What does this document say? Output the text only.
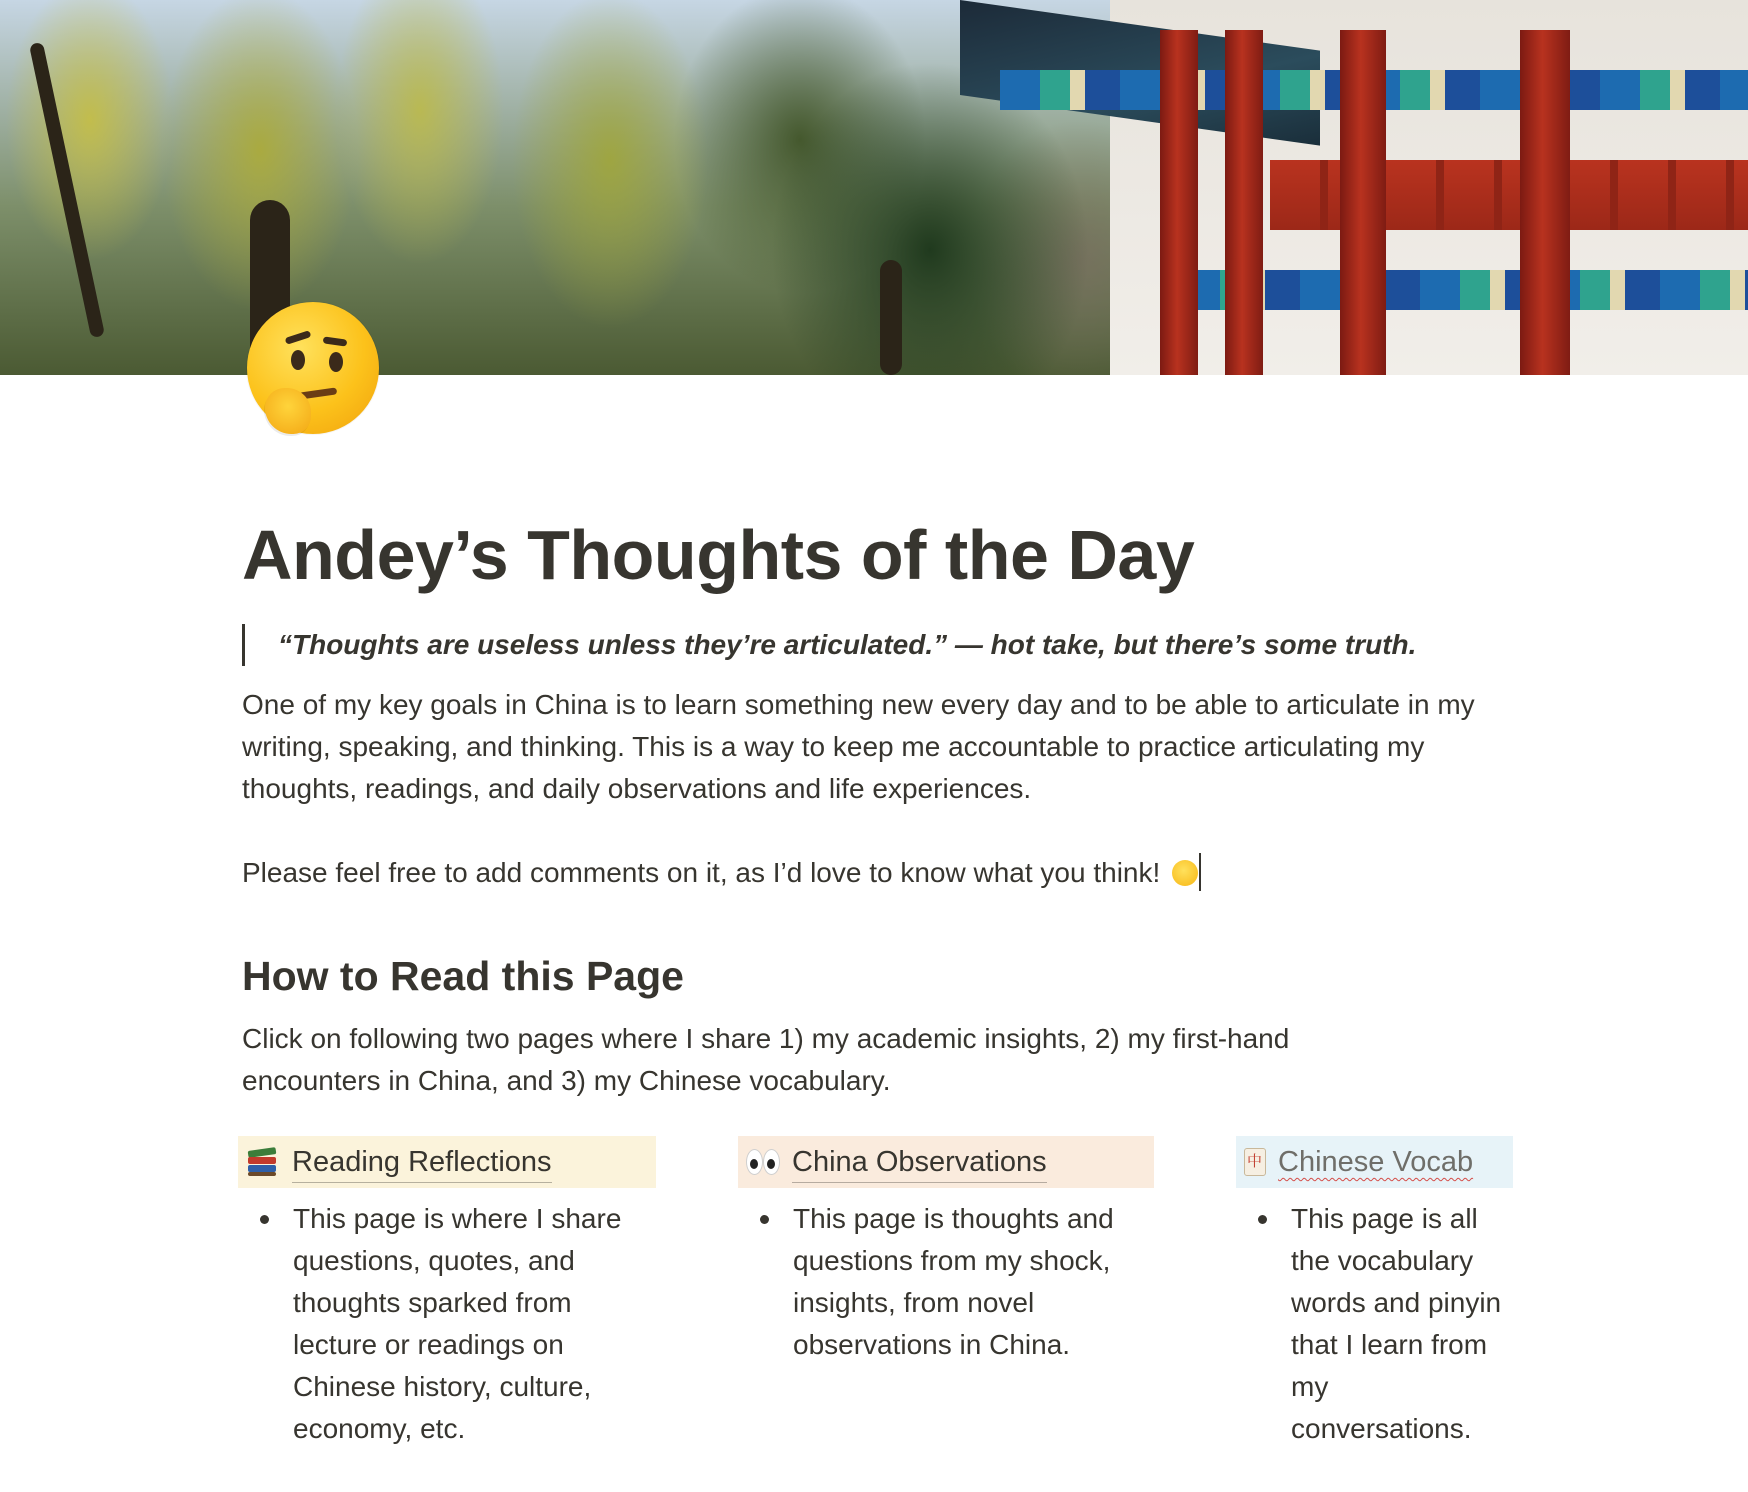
Andey’s Thoughts of the Day
“Thoughts are useless unless they’re articulated.” — hot take, but there’s some truth.

One of my key goals in China is to learn something new every day and to be able to articulate in my writing, speaking, and thinking. This is a way to keep me accountable to practice articulating my thoughts, readings, and daily observations and life experiences.

Please feel free to add comments on it, as I’d love to know what you think!

How to Read this Page

Click on following two pages where I share 1) my academic insights, 2) my first-hand encounters in China, and 3) my Chinese vocabulary.

Reading Reflections
This page is where I share questions, quotes, and thoughts sparked from lecture or readings on Chinese history, culture, economy, etc.
China Observations
This page is thoughts and questions from my shock, insights, from novel observations in China.
中
Chinese Vocab
This page is all the vocabulary words and pinyin that I learn from my conversations.
